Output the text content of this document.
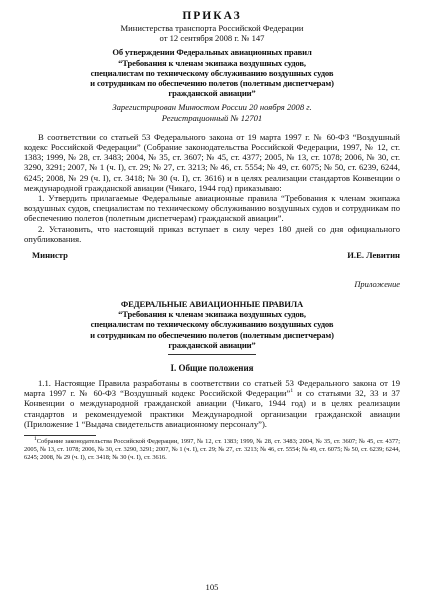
ПРИКАЗ
Министерства транспорта Российской Федерации
от 12 сентября 2008 г. № 147
Об утверждении Федеральных авиационных правил
“Требования к членам экипажа воздушных судов,
специалистам по техническому обслуживанию воздушных судов
и сотрудникам по обеспечению полетов (полетным диспетчерам)
гражданской авиации”
Зарегистрирован Минюстом России 20 ноября 2008 г.
Регистрационный № 12701

В соответствии со статьей 53 Федерального закона от 19 марта 1997 г. № 60-ФЗ “Воздушный кодекс Российской Федерации” (Собрание законодательства Российской Федерации, 1997, № 12, ст. 1383; 1999, № 28, ст. 3483; 2004, № 35, ст. 3607; № 45, ст. 4377; 2005, № 13, ст. 1078; 2006, № 30, ст. 3290, 3291; 2007, № 1 (ч. I), ст. 29; № 27, ст. 3213; № 46, ст. 5554; № 49, ст. 6075; № 50, ст. 6239, 6244, 6245; 2008, № 29 (ч. I), ст. 3418; № 30 (ч. I), ст. 3616) и в целях реализации стандартов Конвенции о международной гражданской авиации (Чикаго, 1944 год) приказываю:

1. Утвердить прилагаемые Федеральные авиационные правила “Требования к членам экипажа воздушных судов, специалистам по техническому обслуживанию воздушных судов и сотрудникам по обеспечению полетов (полетным диспетчерам) гражданской авиации”.

2. Установить, что настоящий приказ вступает в силу через 180 дней со дня официального опубликования.

Министр	И.Е. Левитин
Приложение
ФЕДЕРАЛЬНЫЕ АВИАЦИОННЫЕ ПРАВИЛА
“Требования к членам экипажа воздушных судов,
специалистам по техническому обслуживанию воздушных судов
и сотрудникам по обеспечению полетов (полетным диспетчерам)
гражданской авиации”
I. Общие положения

1.1. Настоящие Правила разработаны в соответствии со статьей 53 Федерального закона от 19 марта 1997 г. № 60-ФЗ “Воздушный кодекс Российской Федерации”$^1$ и со статьями 32, 33 и 37 Конвенции о международной гражданской авиации (Чикаго, 1944 год) и в целях реализации стандартов и рекомендуемой практики Международной организации гражданской авиации (Приложение 1 “Выдача свидетельств авиационному персоналу”).

$^1$Собрание законодательства Российской Федерации, 1997, № 12, ст. 1383; 1999, № 28, ст. 3483; 2004, № 35, ст. 3607; № 45, ст. 4377; 2005, № 13, ст. 1078; 2006, № 30, ст. 3290, 3291; 2007, № 1 (ч. I), ст. 29; № 27, ст. 3213; № 46, ст. 5554; № 49, ст. 6075; № 50, ст. 6239; 6244, 6245; 2008, № 29 (ч. I), ст. 3418; № 30 (ч. I), ст. 3616.

105
